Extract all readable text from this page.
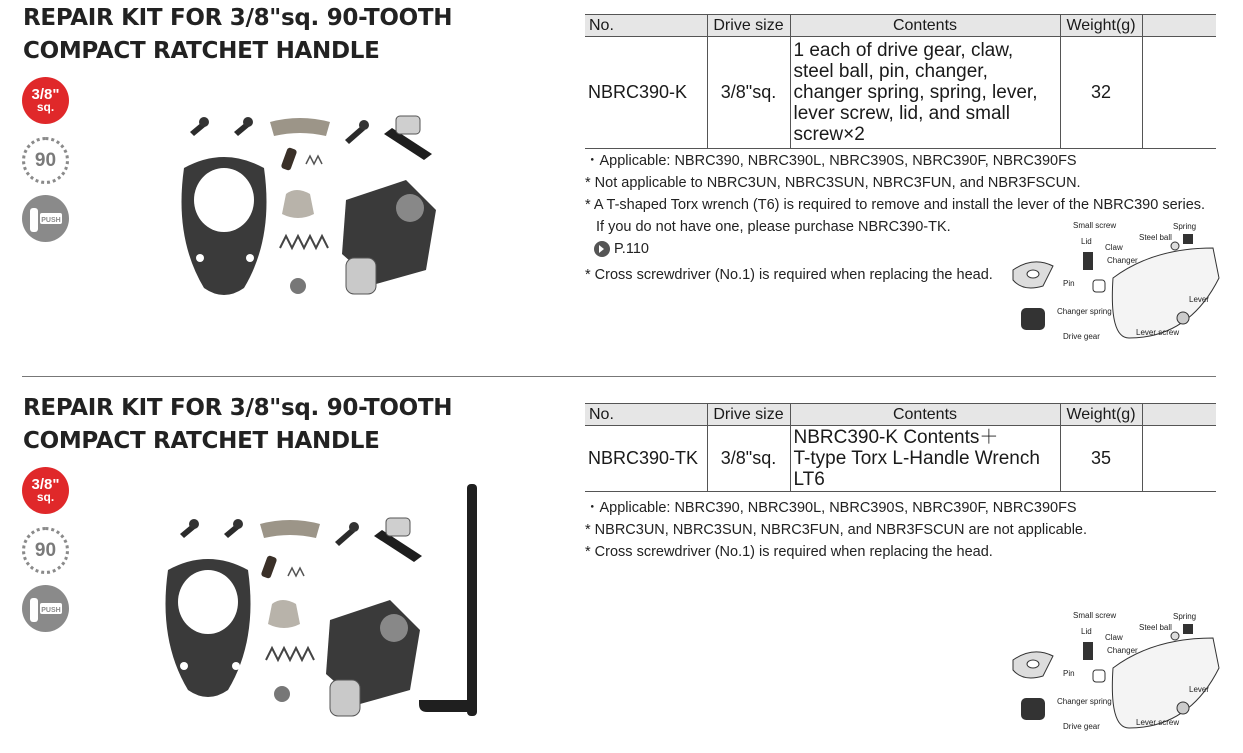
REPAIR KIT FOR 3/8"sq. 90-TOOTH
COMPACT RATCHET HANDLE
3/8"
sq.
90
PUSH
No.	Drive size	Contents	Weight(g)	
NBRC390-K	3/8"sq.	1 each of drive gear, claw,
steel ball, pin, changer,
changer spring, spring, lever,
lever screw, lid, and small
screw×2	32	
・Applicable: NBRC390, NBRC390L, NBRC390S, NBRC390F, NBRC390FS
* Not applicable to NBRC3UN, NBRC3SUN, NBRC3FUN, and NBR3FSCUN.
* A T-shaped Torx wrench (T6) is required to remove and install the lever of the NBRC390 series.
If you do not have one, please purchase NBRC390-TK.
P.110
* Cross screwdriver (No.1) is required when replacing the head.
Small screw	Spring
Lid	Steel ball
Claw
Changer
Pin
Lever
Changer spring
Lever screw
Drive gear
REPAIR KIT FOR 3/8"sq. 90-TOOTH
COMPACT RATCHET HANDLE
3/8"
sq.
90
PUSH
No.	Drive size	Contents	Weight(g)	
NBRC390-TK	3/8"sq.	NBRC390-K Contents＋
T-type Torx L-Handle Wrench
LT6	35	
・Applicable: NBRC390, NBRC390L, NBRC390S, NBRC390F, NBRC390FS
* NBRC3UN, NBRC3SUN, NBRC3FUN, and NBR3FSCUN are not applicable.
* Cross screwdriver (No.1) is required when replacing the head.
Small screw	Spring
Lid	Steel ball
Claw
Changer
Pin
Lever
Changer spring
Lever screw
Drive gear
